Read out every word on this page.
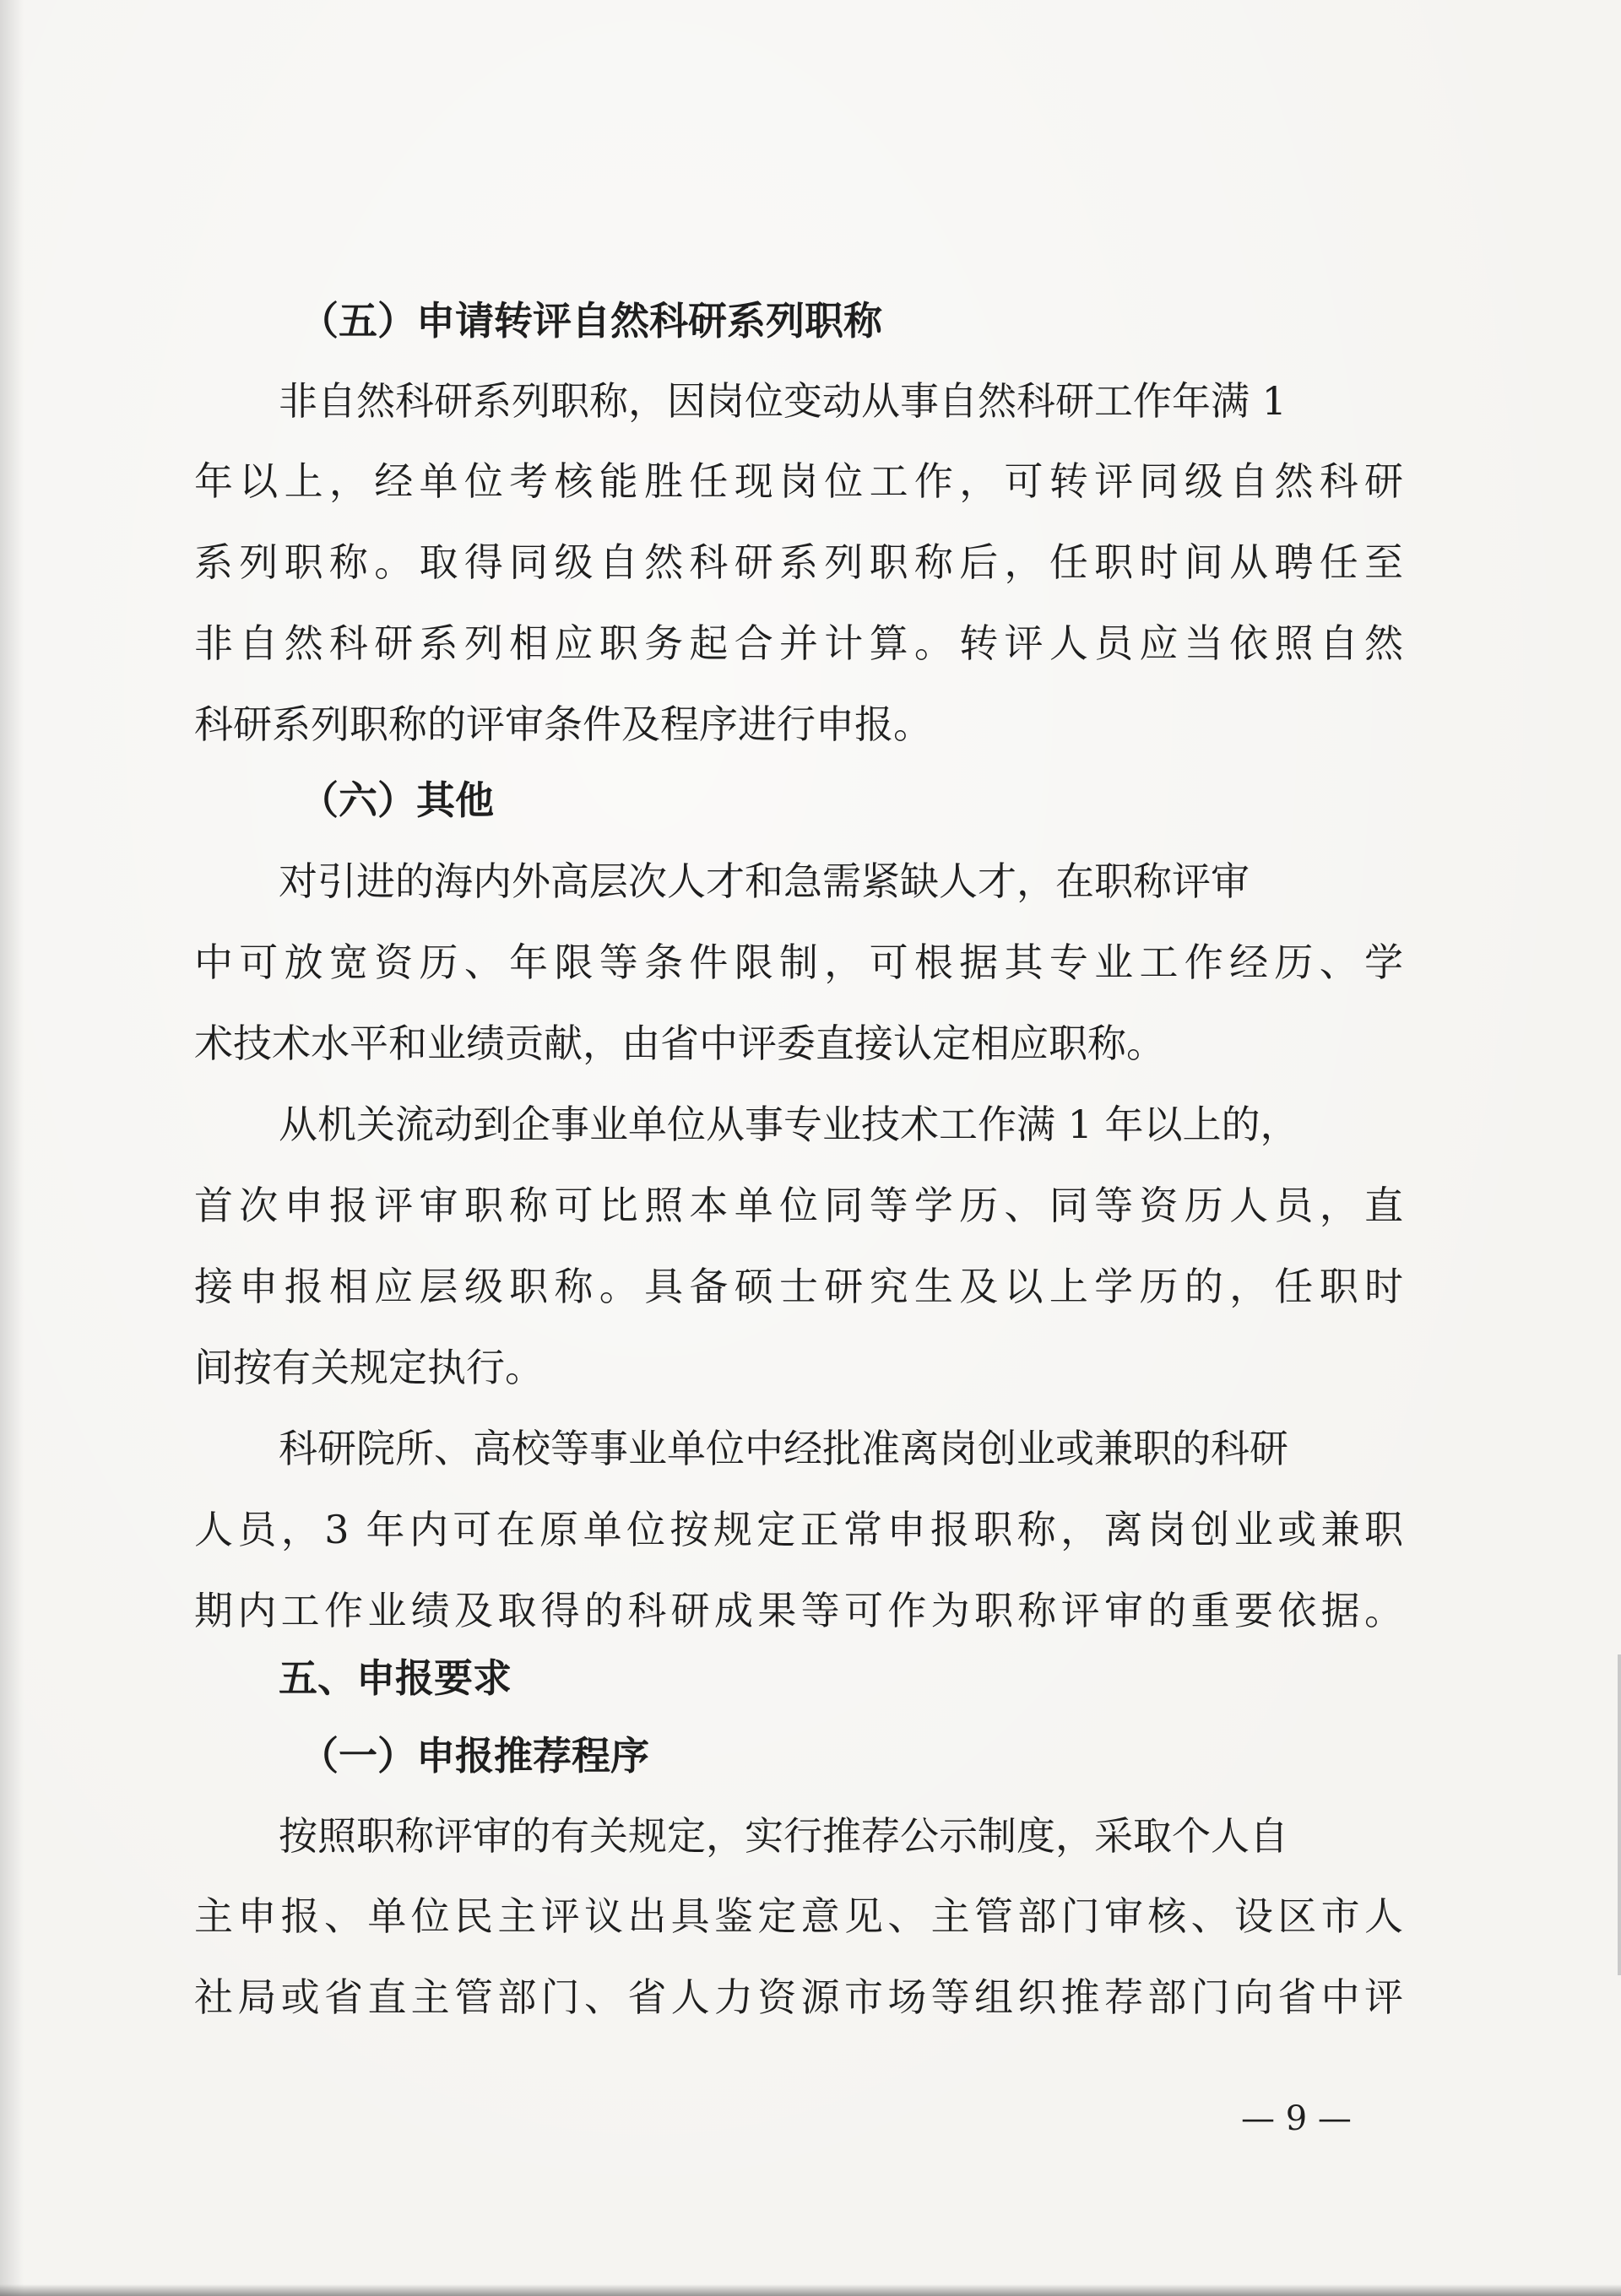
（五）申请转评自然科研系列职称
非自然科研系列职称，因岗位变动从事自然科研工作年满 1
年以上，经单位考核能胜任现岗位工作，可转评同级自然科研
系列职称。取得同级自然科研系列职称后，任职时间从聘任至
非自然科研系列相应职务起合并计算。转评人员应当依照自然
科研系列职称的评审条件及程序进行申报。
（六）其他
对引进的海内外高层次人才和急需紧缺人才，在职称评审
中可放宽资历、年限等条件限制，可根据其专业工作经历、学
术技术水平和业绩贡献，由省中评委直接认定相应职称。
从机关流动到企事业单位从事专业技术工作满 1 年以上的，
首次申报评审职称可比照本单位同等学历、同等资历人员，直
接申报相应层级职称。具备硕士研究生及以上学历的，任职时
间按有关规定执行。
科研院所、高校等事业单位中经批准离岗创业或兼职的科研
人员，3 年内可在原单位按规定正常申报职称，离岗创业或兼职
期内工作业绩及取得的科研成果等可作为职称评审的重要依据。
五、申报要求
（一）申报推荐程序
按照职称评审的有关规定，实行推荐公示制度，采取个人自
主申报、单位民主评议出具鉴定意见、主管部门审核、设区市人
社局或省直主管部门、省人力资源市场等组织推荐部门向省中评
— 9 —
